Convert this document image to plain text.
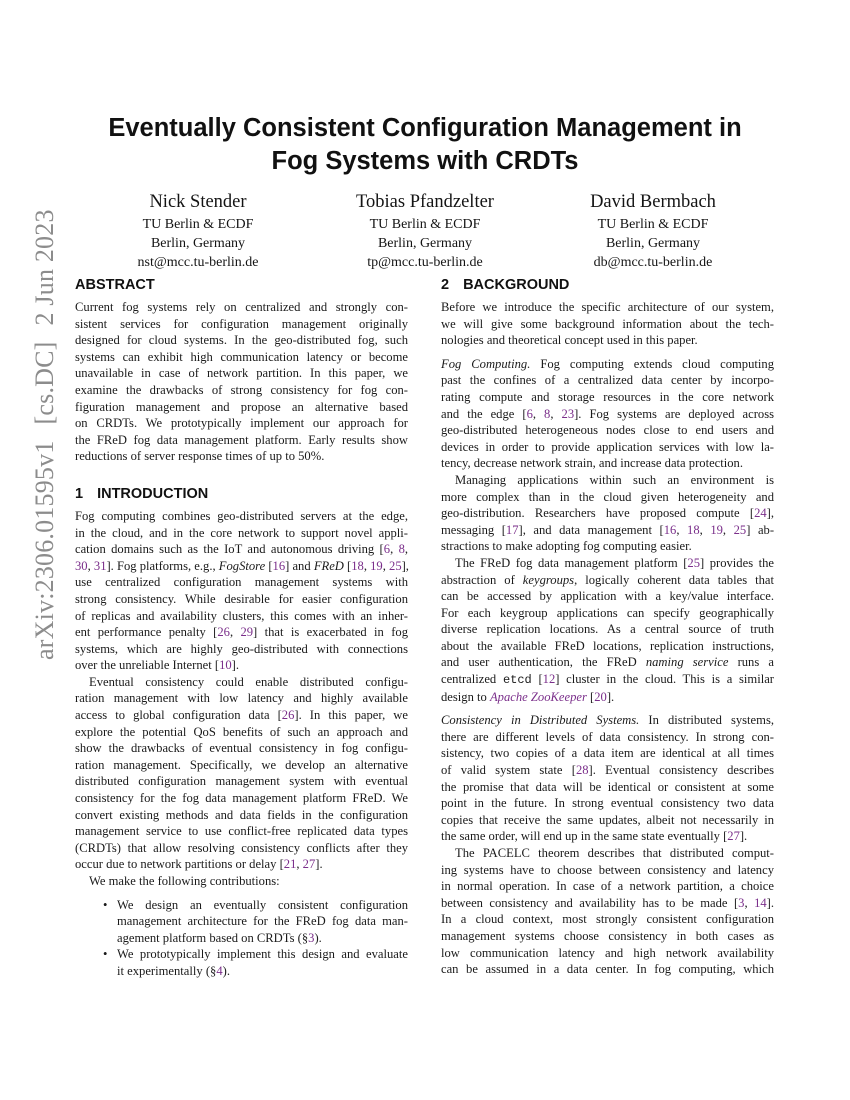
arXiv:2306.01595v1[cs.DC]2 Jun 2023
Eventually Consistent Configuration Management in
Fog Systems with CRDTs
Nick Stender
TU Berlin & ECDF
Berlin, Germany
nst@mcc.tu-berlin.de
Tobias Pfandzelter
TU Berlin & ECDF
Berlin, Germany
tp@mcc.tu-berlin.de
David Bermbach
TU Berlin & ECDF
Berlin, Germany
db@mcc.tu-berlin.de
ABSTRACT

Current fog systems rely on centralized and strongly con-
sistent services for configuration management originally
designed for cloud systems. In the geo-distributed fog, such
systems can exhibit high communication latency or become
unavailable in case of network partition. In this paper, we
examine the drawbacks of strong consistency for fog con-
figuration management and propose an alternative based
on CRDTs. We prototypically implement our approach for
the FReD fog data management platform. Early results show
reductions of server response times of up to 50%.

1 INTRODUCTION

Fog computing combines geo-distributed servers at the edge,
in the cloud, and in the core network to support novel appli-
cation domains such as the IoT and autonomous driving [6, 8,
30, 31]. Fog platforms, e.g., FogStore [16] and FReD [18, 19, 25],
use centralized configuration management systems with
strong consistency. While desirable for easier configuration
of replicas and availability clusters, this comes with an inher-
ent performance penalty [26, 29] that is exacerbated in fog
systems, which are highly geo-distributed with connections
over the unreliable Internet [10].

Eventual consistency could enable distributed configu-
ration management with low latency and highly available
access to global configuration data [26]. In this paper, we
explore the potential QoS benefits of such an approach and
show the drawbacks of eventual consistency in fog configu-
ration management. Specifically, we develop an alternative
distributed configuration management system with eventual
consistency for the fog data management platform FReD. We
convert existing methods and data fields in the configuration
management service to use conflict-free replicated data types
(CRDTs) that allow resolving consistency conflicts after they
occur due to network partitions or delay [21, 27].

We make the following contributions:

• We design an eventually consistent configuration
management architecture for the FReD fog data man-
agement platform based on CRDTs (§3).
• We prototypically implement this design and evaluate
it experimentally (§4).
2 BACKGROUND

Before we introduce the specific architecture of our system,
we will give some background information about the tech-
nologies and theoretical concept used in this paper.

Fog Computing. Fog computing extends cloud computing
past the confines of a centralized data center by incorpo-
rating compute and storage resources in the core network
and the edge [6, 8, 23]. Fog systems are deployed across
geo-distributed heterogeneous nodes close to end users and
devices in order to provide application services with low la-
tency, decrease network strain, and increase data protection.

Managing applications within such an environment is
more complex than in the cloud given heterogeneity and
geo-distribution. Researchers have proposed compute [24],
messaging [17], and data management [16, 18, 19, 25] ab-
stractions to make adopting fog computing easier.

The FReD fog data management platform [25] provides the
abstraction of keygroups, logically coherent data tables that
can be accessed by application with a key/value interface.
For each keygroup applications can specify geographically
diverse replication locations. As a central source of truth
about the available FReD locations, replication instructions,
and user authentication, the FReD naming service runs a
centralized etcd [12] cluster in the cloud. This is a similar
design to Apache ZooKeeper [20].

Consistency in Distributed Systems. In distributed systems,
there are different levels of data consistency. In strong con-
sistency, two copies of a data item are identical at all times
of valid system state [28]. Eventual consistency describes
the promise that data will be identical or consistent at some
point in the future. In strong eventual consistency two data
copies that receive the same updates, albeit not necessarily in
the same order, will end up in the same state eventually [27].

The PACELC theorem describes that distributed comput-
ing systems have to choose between consistency and latency
in normal operation. In case of a network partition, a choice
between consistency and availability has to be made [3, 14].
In a cloud context, most strongly consistent configuration
management systems choose consistency in both cases as
low communication latency and high network availability
can be assumed in a data center. In fog computing, which
